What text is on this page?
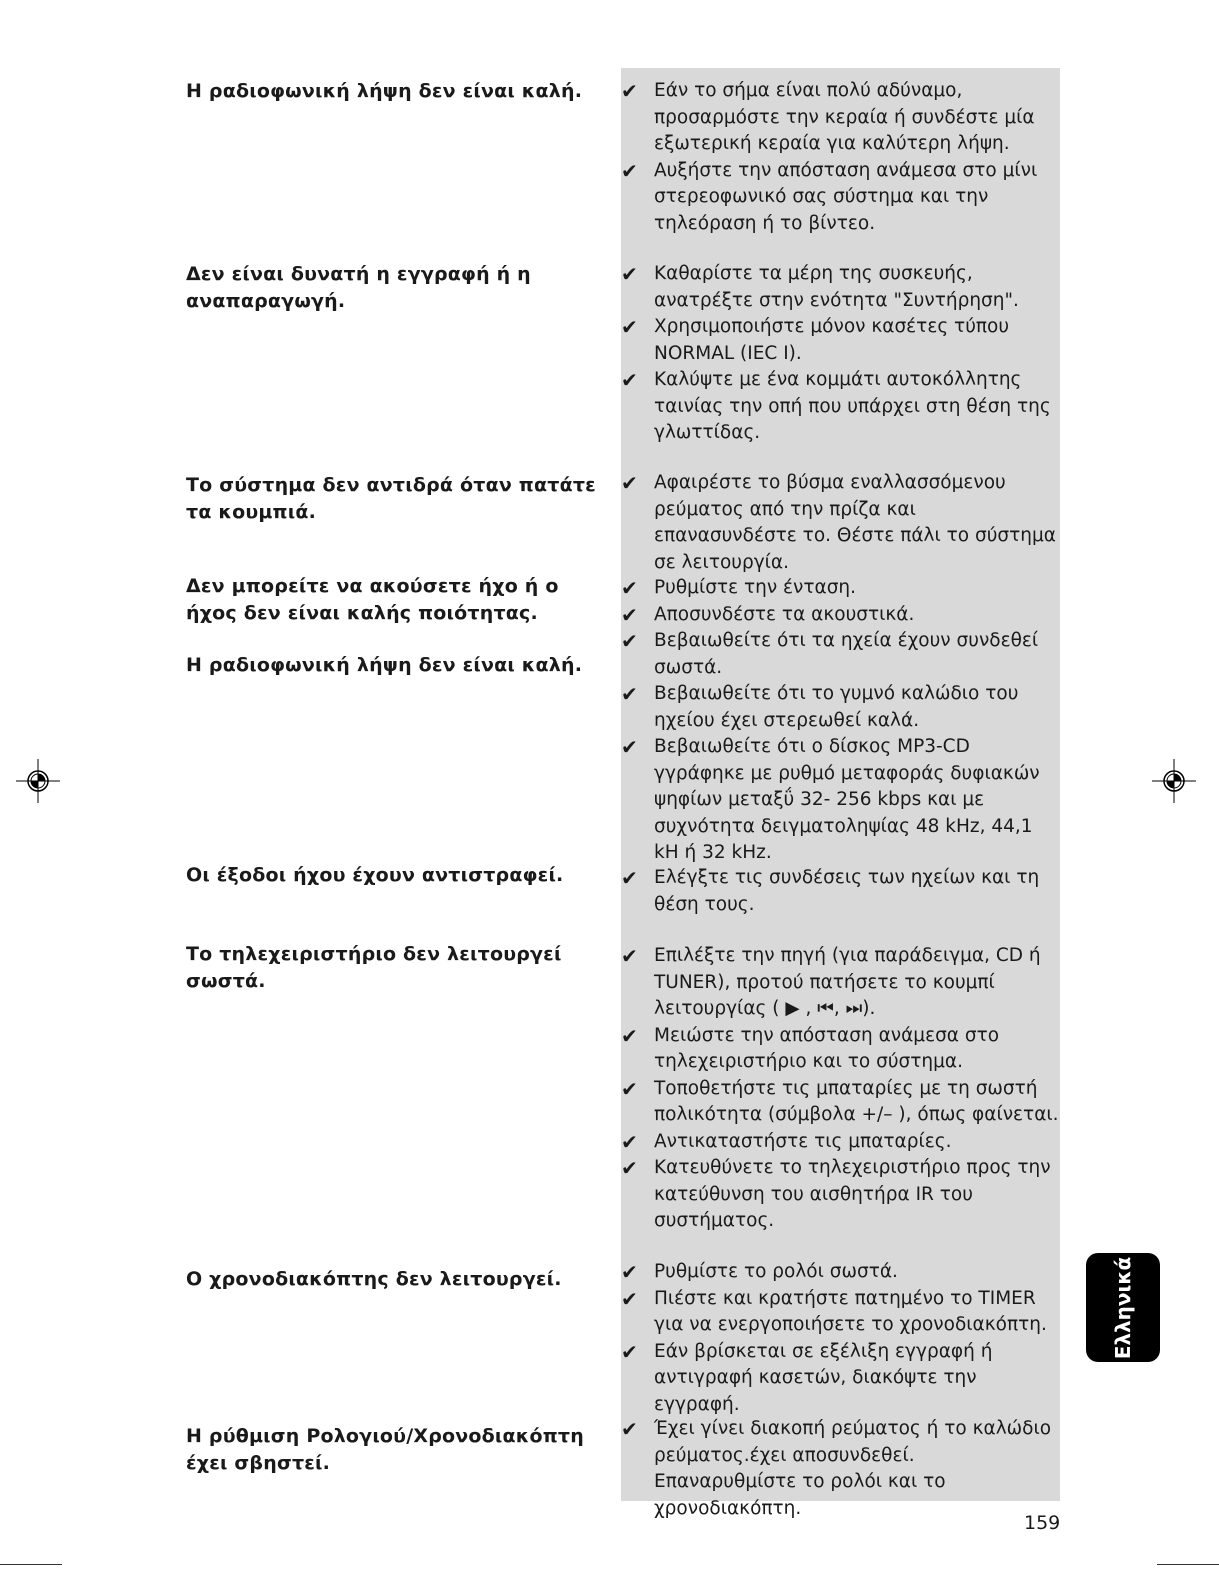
Η ραδιοφωνική λήψη δεν είναι καλή.
Δεν είναι δυνατή η εγγραφή ή η αναπαραγωγή.
Το σύστημα δεν αντιδρά όταν πατάτε τα κουμπιά.
Δεν μπορείτε να ακούσετε ήχο ή ο ήχος δεν είναι καλής ποιότητας.
Η ραδιοφωνική λήψη δεν είναι καλή.
Οι έξοδοι ήχου έχουν αντιστραφεί.
Το τηλεχειριστήριο δεν λειτουργεί σωστά.
Ο χρονοδιακόπτης δεν λειτουργεί.
Η ρύθμιση Ρολογιού/Χρονοδιακόπτη έχει σβηστεί.
✔ Εάν το σήμα είναι πολύ αδύναμο, προσαρμόστε την κεραία ή συνδέστε μία εξωτερική κεραία για καλύτερη λήψη.
✔ Αυξήστε την απόσταση ανάμεσα στο μίνι στερεοφωνικό σας σύστημα και την τηλεόραση ή το βίντεο.
✔ Καθαρίστε τα μέρη της συσκευής, ανατρέξτε στην ενότητα "Συντήρηση".
✔ Χρησιμοποιήστε μόνον κασέτες τύπου NORMAL (IEC I).
✔ Καλύψτε με ένα κομμάτι αυτοκόλλητης ταινίας την οπή που υπάρχει στη θέση της γλωττίδας.
✔ Αφαιρέστε το βύσμα εναλλασσόμενου ρεύματος από την πρίζα και επανασυνδέστε το. Θέστε πάλι το σύστημα σε λειτουργία.
✔ Ρυθμίστε την ένταση.
✔ Αποσυνδέστε τα ακουστικά.
✔ Βεβαιωθείτε ότι τα ηχεία έχουν συνδεθεί σωστά.
✔ Βεβαιωθείτε ότι το γυμνό καλώδιο του ηχείου έχει στερεωθεί καλά.
✔ Βεβαιωθείτε ότι ο δίσκος MP3-CD γγράφηκε με ρυθμό μεταφοράς δυφιακών ψηφίων μεταξΰ 32- 256 kbps και με συχνότητα δειγματοληψίας 48 kHz, 44,1 kH ή 32 kHz.
✔ Ελέγξτε τις συνδέσεις των ηχείων και τη θέση τους.
✔ Επιλέξτε την πηγή (για παράδειγμα, CD ή TUNER), προτού πατήσετε το κουμπί λειτουργίας ( ▶ , ⏮, ⏭).
✔ Μειώστε την απόσταση ανάμεσα στο τηλεχειριστήριο και το σύστημα.
✔ Τοποθετήστε τις μπαταρίες με τη σωστή πολικότητα (σύμβολα +/– ), όπως φαίνεται.
✔ Αντικαταστήστε τις μπαταρίες.
✔ Κατευθύνετε το τηλεχειριστήριο προς την κατεύθυνση του αισθητήρα IR του συστήματος.
✔ Ρυθμίστε το ρολόι σωστά.
✔ Πιέστε και κρατήστε πατημένο το TIMER για να ενεργοποιήσετε το χρονοδιακόπτη.
✔ Εάν βρίσκεται σε εξέλιξη εγγραφή ή αντιγραφή κασετών, διακόψτε την εγγραφή.
✔ Έχει γίνει διακοπή ρεύματος ή το καλώδιο ρεύματος.έχει αποσυνδεθεί. Επαναρυθμίστε το ρολόι και το χρονοδιακόπτη.
Ελληνικά
159
